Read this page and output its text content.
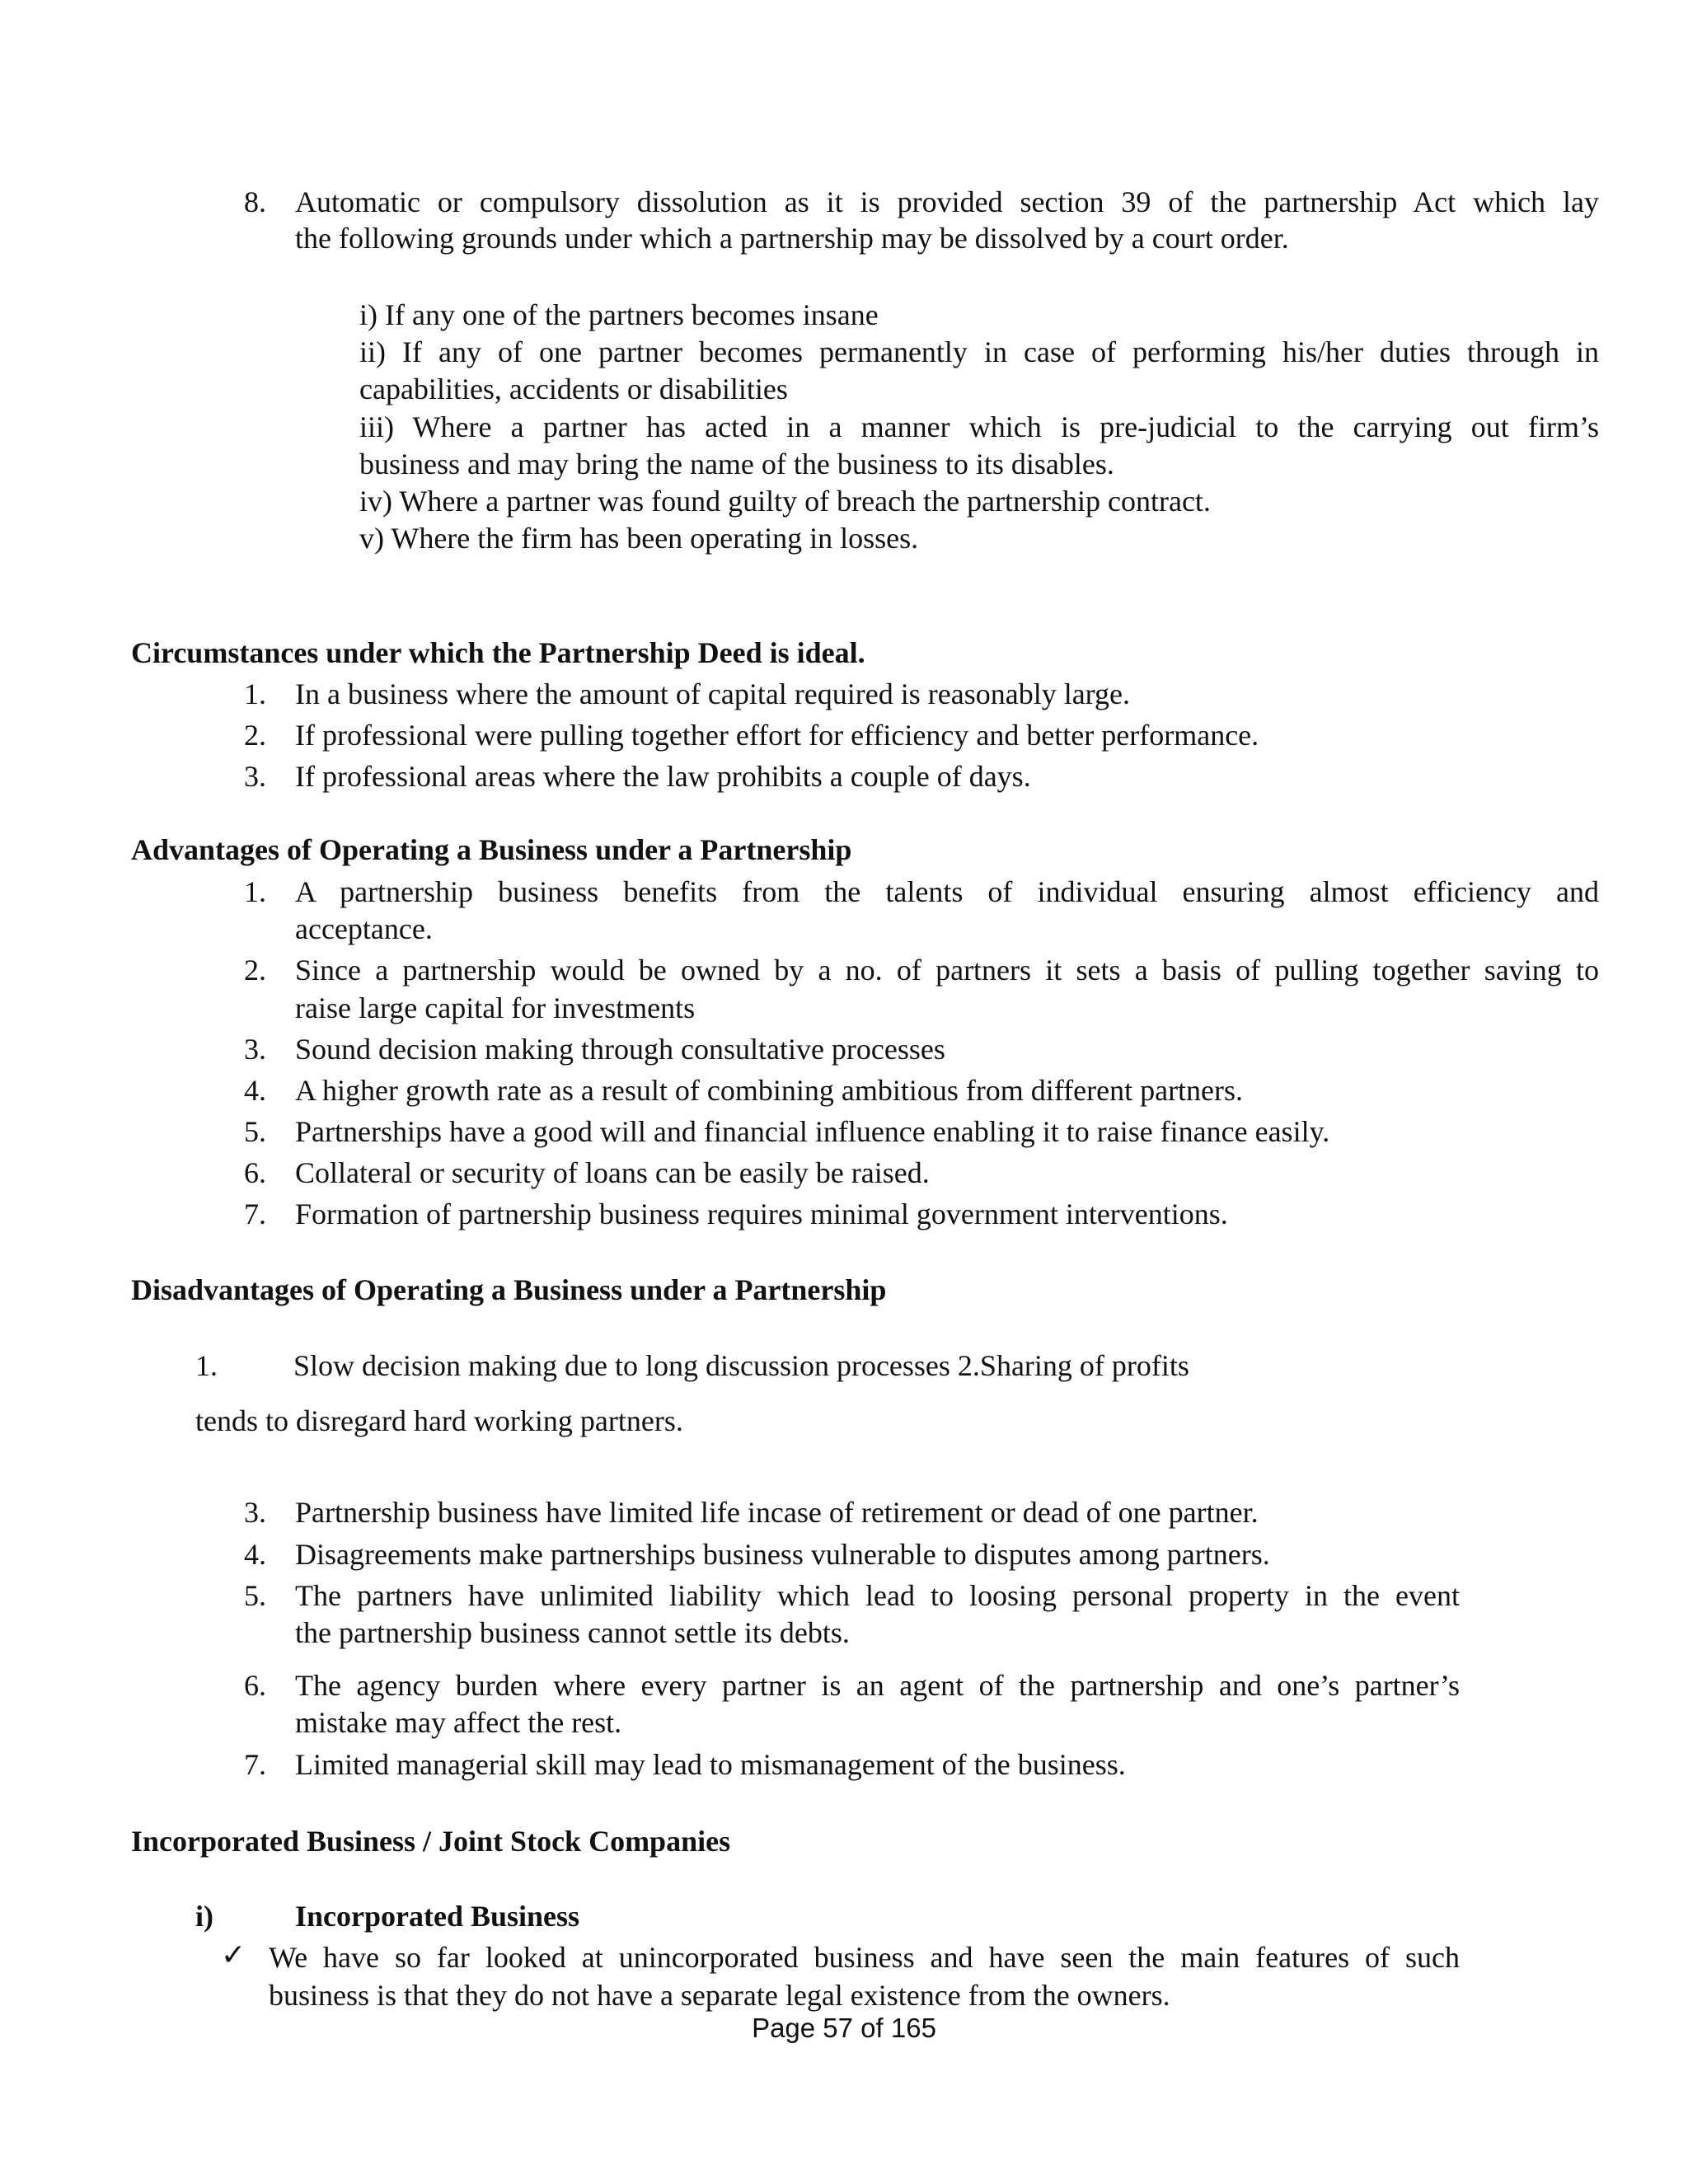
8. Automatic or compulsory dissolution as it is provided section 39 of the partnership Act which lay
the following grounds under which a partnership may be dissolved by a court order.
i) If any one of the partners becomes insane
ii) If any of one partner becomes permanently in case of performing his/her duties through in
capabilities, accidents or disabilities
iii) Where a partner has acted in a manner which is pre-judicial to the carrying out firm’s
business and may bring the name of the business to its disables.
iv) Where a partner was found guilty of breach the partnership contract.
v) Where the firm has been operating in losses.
Circumstances under which the Partnership Deed is ideal.
1. In a business where the amount of capital required is reasonably large.
2. If professional were pulling together effort for efficiency and better performance.
3. If professional areas where the law prohibits a couple of days.
Advantages of Operating a Business under a Partnership
1. A partnership business benefits from the talents of individual ensuring almost efficiency and
acceptance.
2. Since a partnership would be owned by a no. of partners it sets a basis of pulling together saving to
raise large capital for investments
3. Sound decision making through consultative processes
4. A higher growth rate as a result of combining ambitious from different partners.
5. Partnerships have a good will and financial influence enabling it to raise finance easily.
6. Collateral or security of loans can be easily be raised.
7. Formation of partnership business requires minimal government interventions.
Disadvantages of Operating a Business under a Partnership
1.	Slow decision making due to long discussion processes 2.Sharing of profits
tends to disregard hard working partners.
3. Partnership business have limited life incase of retirement or dead of one partner.
4. Disagreements make partnerships business vulnerable to disputes among partners.
5. The partners have unlimited liability which lead to loosing personal property in the event
the partnership business cannot settle its debts.
6. The agency burden where every partner is an agent of the partnership and one’s partner’s
mistake may affect the rest.
7. Limited managerial skill may lead to mismanagement of the business.
Incorporated Business / Joint Stock Companies
i)	Incorporated Business
✓ We have so far looked at unincorporated business and have seen the main features of such
business is that they do not have a separate legal existence from the owners.
Page 57 of 165
